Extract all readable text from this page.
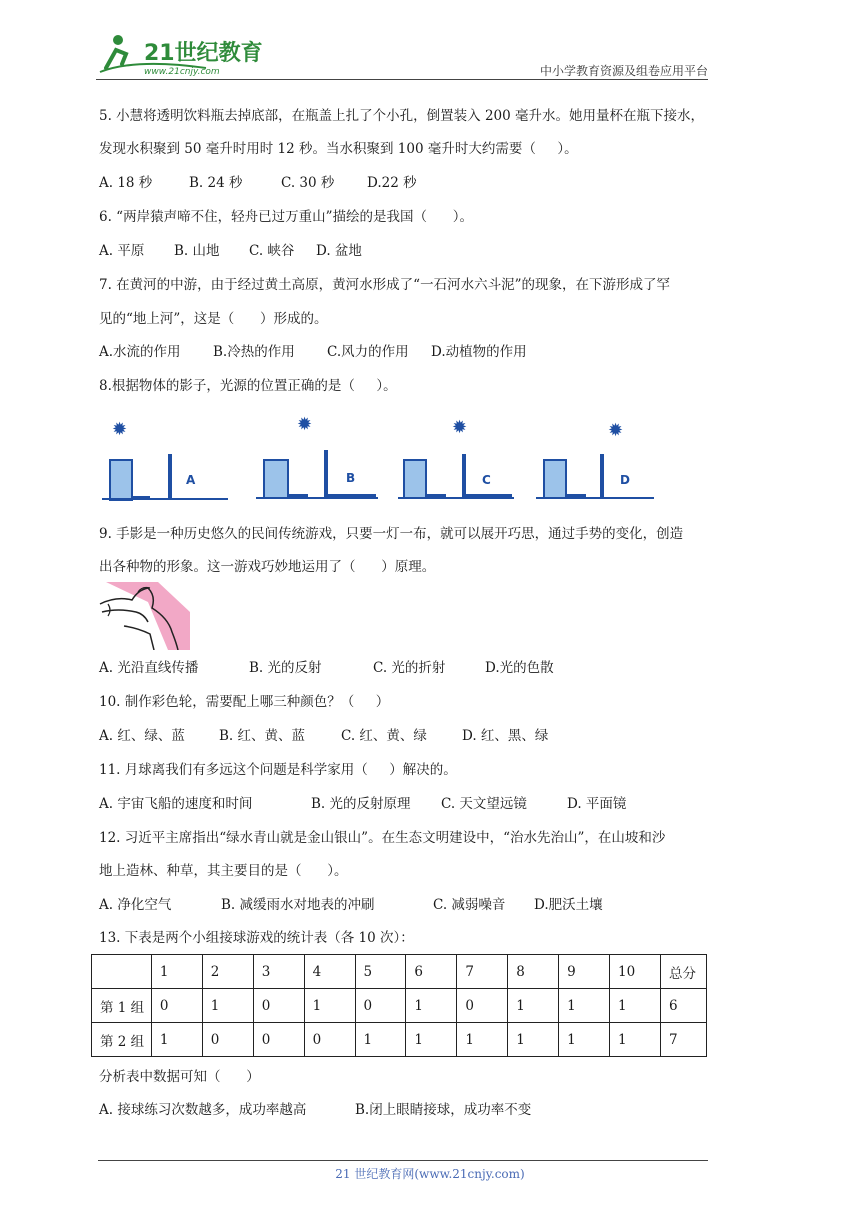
21世纪教育
www.21cnjy.com	中小学教育资源及组卷应用平台
5. 小慧将透明饮料瓶去掉底部，在瓶盖上扎了个小孔，倒置装入 200 毫升水。她用量杯在瓶下接水，
发现水积聚到 50 毫升时用时 12 秒。当水积聚到 100 毫升时大约需要（     ）。
A. 18 秒	B. 24 秒	C. 30 秒 D.22 秒
6. “两岸猿声啼不住，轻舟已过万重山”描绘的是我国（      ）。
A. 平原 B. 山地 C. 峡谷 D. 盆地
7. 在黄河的中游，由于经过黄土高原，黄河水形成了“一石河水六斗泥”的现象，在下游形成了罕
见的“地上河”，这是（      ）形成的。
A.水流的作用 B.冷热的作用 C.风力的作用 D.动植物的作用
8.根据物体的影子，光源的位置正确的是（     ）。
✹
A
✹
B
✹
C
✹
D
9. 手影是一种历史悠久的民间传统游戏，只要一灯一布，就可以展开巧思，通过手势的变化，创造
出各种物的形象。这一游戏巧妙地运用了（      ）原理。
A. 光沿直线传播	B. 光的反射	C. 光的折射	D.光的色散
10. 制作彩色轮，需要配上哪三种颜色？（     ）
A. 红、绿、蓝	B. 红、黄、蓝	C. 红、黄、绿	D. 红、黑、绿
11. 月球离我们有多远这个问题是科学家用（     ）解决的。
A. 宇宙飞船的速度和时间	B. 光的反射原理 C. 天文望远镜	D. 平面镜
12. 习近平主席指出“绿水青山就是金山银山”。在生态文明建设中，“治水先治山”，在山坡和沙
地上造林、种草，其主要目的是（      ）。
A. 净化空气	B. 减缓雨水对地表的冲刷	C. 减弱噪音 D.肥沃土壤
13. 下表是两个小组接球游戏的统计表（各 10 次）：
	1	2	3	4	5	6	7	8	9	10	总分
第 1 组	0	1	0	1	0	1	0	1	1	1	6
第 2 组	1	0	0	0	1	1	1	1	1	1	7
分析表中数据可知（      ）
A. 接球练习次数越多，成功率越高	B.闭上眼睛接球，成功率不变
21 世纪教育网(www.21cnjy.com)
